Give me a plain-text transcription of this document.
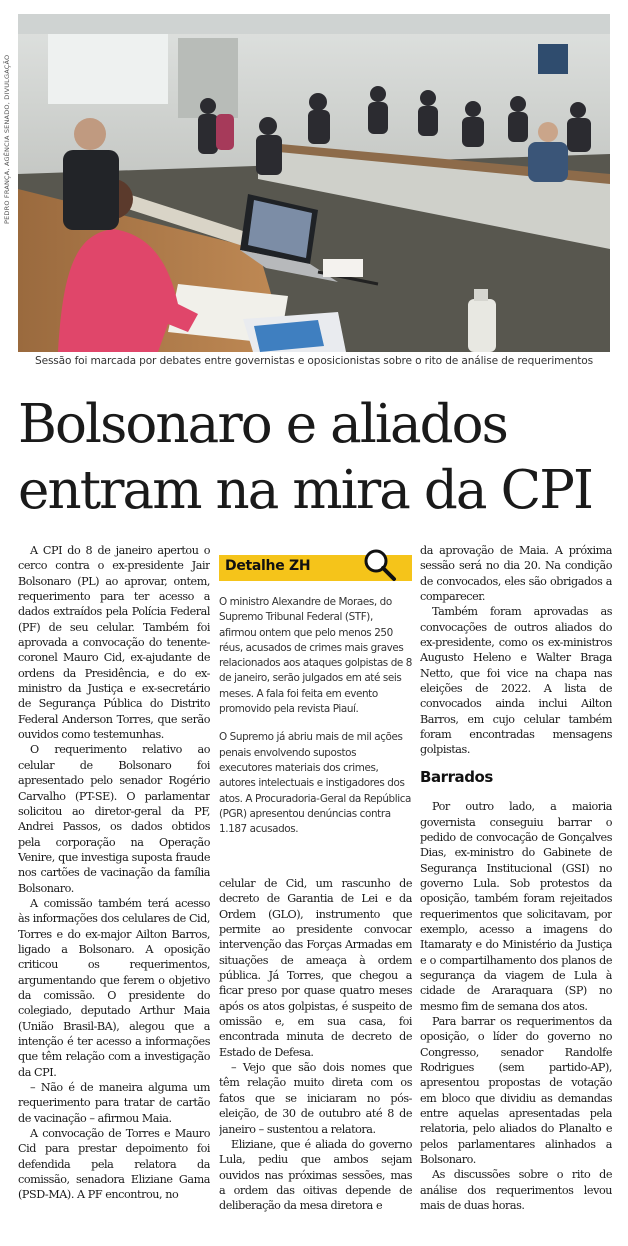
PEDRO FRANÇA, AGÊNCIA SENADO, DIVULGAÇÃO
Sessão foi marcada por debates entre governistas e oposicionistas sobre o rito de análise de requerimentos
Bolsonaro e aliados
entram na mira da CPI

A CPI do 8 de janeiro apertou o cerco contra o ex-presidente Jair Bolsonaro (PL) ao aprovar, ontem, requerimento para ter acesso a dados extraídos pela Polícia Federal (PF) de seu celular. Também foi aprovada a convocação do tenente-coronel Mauro Cid, ex-ajudante de ordens da Presidência, e do ex-ministro da Justiça e ex-secretário de Segurança Pública do Distrito Federal Anderson Torres, que serão ouvidos como testemunhas.

O requerimento relativo ao celular de Bolsonaro foi apresentado pelo senador Rogério Carvalho (PT-SE). O parlamentar solicitou ao diretor-geral da PF, Andrei Passos, os dados obtidos pela corporação na Operação Venire, que investiga suposta fraude nos cartões de vacinação da família Bolsonaro.

A comissão também terá acesso às informações dos celulares de Cid, Torres e do ex-major Ailton Barros, ligado a Bolsonaro. A oposição criticou os requerimentos, argumentando que ferem o objetivo da comissão. O presidente do colegiado, deputado Arthur Maia (União Brasil-BA), alegou que a intenção é ter acesso a informações que têm relação com a investigação da CPI.

– Não é de maneira alguma um requerimento para tratar de cartão de vacinação – afirmou Maia.

A convocação de Torres e Mauro Cid para prestar depoimento foi defendida pela relatora da comissão, senadora Eliziane Gama (PSD-MA). A PF encontrou, no

Detalhe ZH

O ministro Alexandre de Moraes, do Supremo Tribunal Federal (STF), afirmou ontem que pelo menos 250 réus, acusados de crimes mais graves relacionados aos ataques golpistas de 8 de janeiro, serão julgados em até seis meses. A fala foi feita em evento promovido pela revista Piauí.

O Supremo já abriu mais de mil ações penais envolvendo supostos executores materiais dos crimes, autores intelectuais e instigadores dos atos. A Procuradoria-Geral da República (PGR) apresentou denúncias contra 1.187 acusados.

celular de Cid, um rascunho de decreto de Garantia de Lei e da Ordem (GLO), instrumento que permite ao presidente convocar intervenção das Forças Armadas em situações de ameaça à ordem pública. Já Torres, que chegou a ficar preso por quase quatro meses após os atos golpistas, é suspeito de omissão e, em sua casa, foi encontrada minuta de decreto de Estado de Defesa.

– Vejo que são dois nomes que têm relação muito direta com os fatos que se iniciaram no pós-eleição, de 30 de outubro até 8 de janeiro – sustentou a relatora.

Eliziane, que é aliada do governo Lula, pediu que ambos sejam ouvidos nas próximas sessões, mas a ordem das oitivas depende de deliberação da mesa diretora e

da aprovação de Maia. A próxima sessão será no dia 20. Na condição de convocados, eles são obrigados a comparecer.

Também foram aprovadas as convocações de outros aliados do ex-presidente, como os ex-ministros Augusto Heleno e Walter Braga Netto, que foi vice na chapa nas eleições de 2022. A lista de convocados ainda inclui Ailton Barros, em cujo celular também foram encontradas mensagens golpistas.

Barrados

Por outro lado, a maioria governista conseguiu barrar o pedido de convocação de Gonçalves Dias, ex-ministro do Gabinete de Segurança Institucional (GSI) no governo Lula. Sob protestos da oposição, também foram rejeitados requerimentos que solicitavam, por exemplo, acesso a imagens do Itamaraty e do Ministério da Justiça e o compartilhamento dos planos de segurança da viagem de Lula à cidade de Araraquara (SP) no mesmo fim de semana dos atos.

Para barrar os requerimentos da oposição, o líder do governo no Congresso, senador Randolfe Rodrigues (sem partido-AP), apresentou propostas de votação em bloco que dividiu as demandas entre aquelas apresentadas pela relatoria, pelo aliados do Planalto e pelos parlamentares alinhados a Bolsonaro.

As discussões sobre o rito de análise dos requerimentos levou mais de duas horas.
